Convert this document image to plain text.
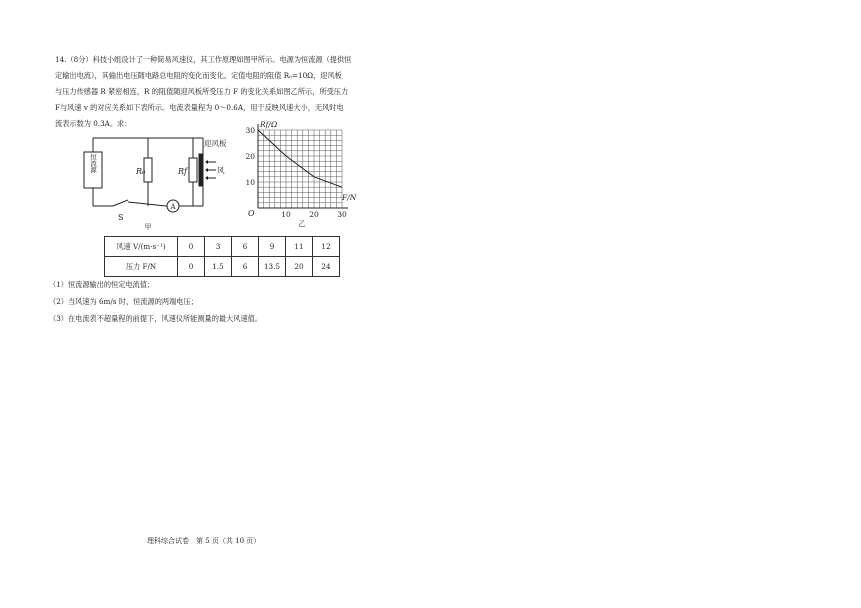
14.（8分）科技小组设计了一种简易风速仪，其工作原理如图甲所示。电源为恒流源（提供恒
定输出电流），其输出电压随电路总电阻的变化而变化。定值电阻的阻值 R₀=10Ω，迎风板
与压力传感器 R 紧密相连，R 的阻值随迎风板所受压力 F 的变化关系如图乙所示，所受压力
F与风速 v 的对应关系如下表所示。电流表量程为 0～0.6A，用于反映风速大小，无风时电
流表示数为 0.3A。求：
恒流源	R₀	Rf
迎风板
风
S
A
甲
10 20 30
10
20
30
Rf/Ω
F/N
O
乙
风速 V/(m·s⁻¹)	0	3	6	9	11	12
压力 F/N	0	1.5	6	13.5	20	24
（1）恒流源输出的恒定电流值；
（2）当风速为 6m/s 时，恒流源的两端电压；
（3）在电流表不超量程的前提下，风速仪所能测量的最大风速值。
理科综合试卷　第 5 页（共 10 页）
